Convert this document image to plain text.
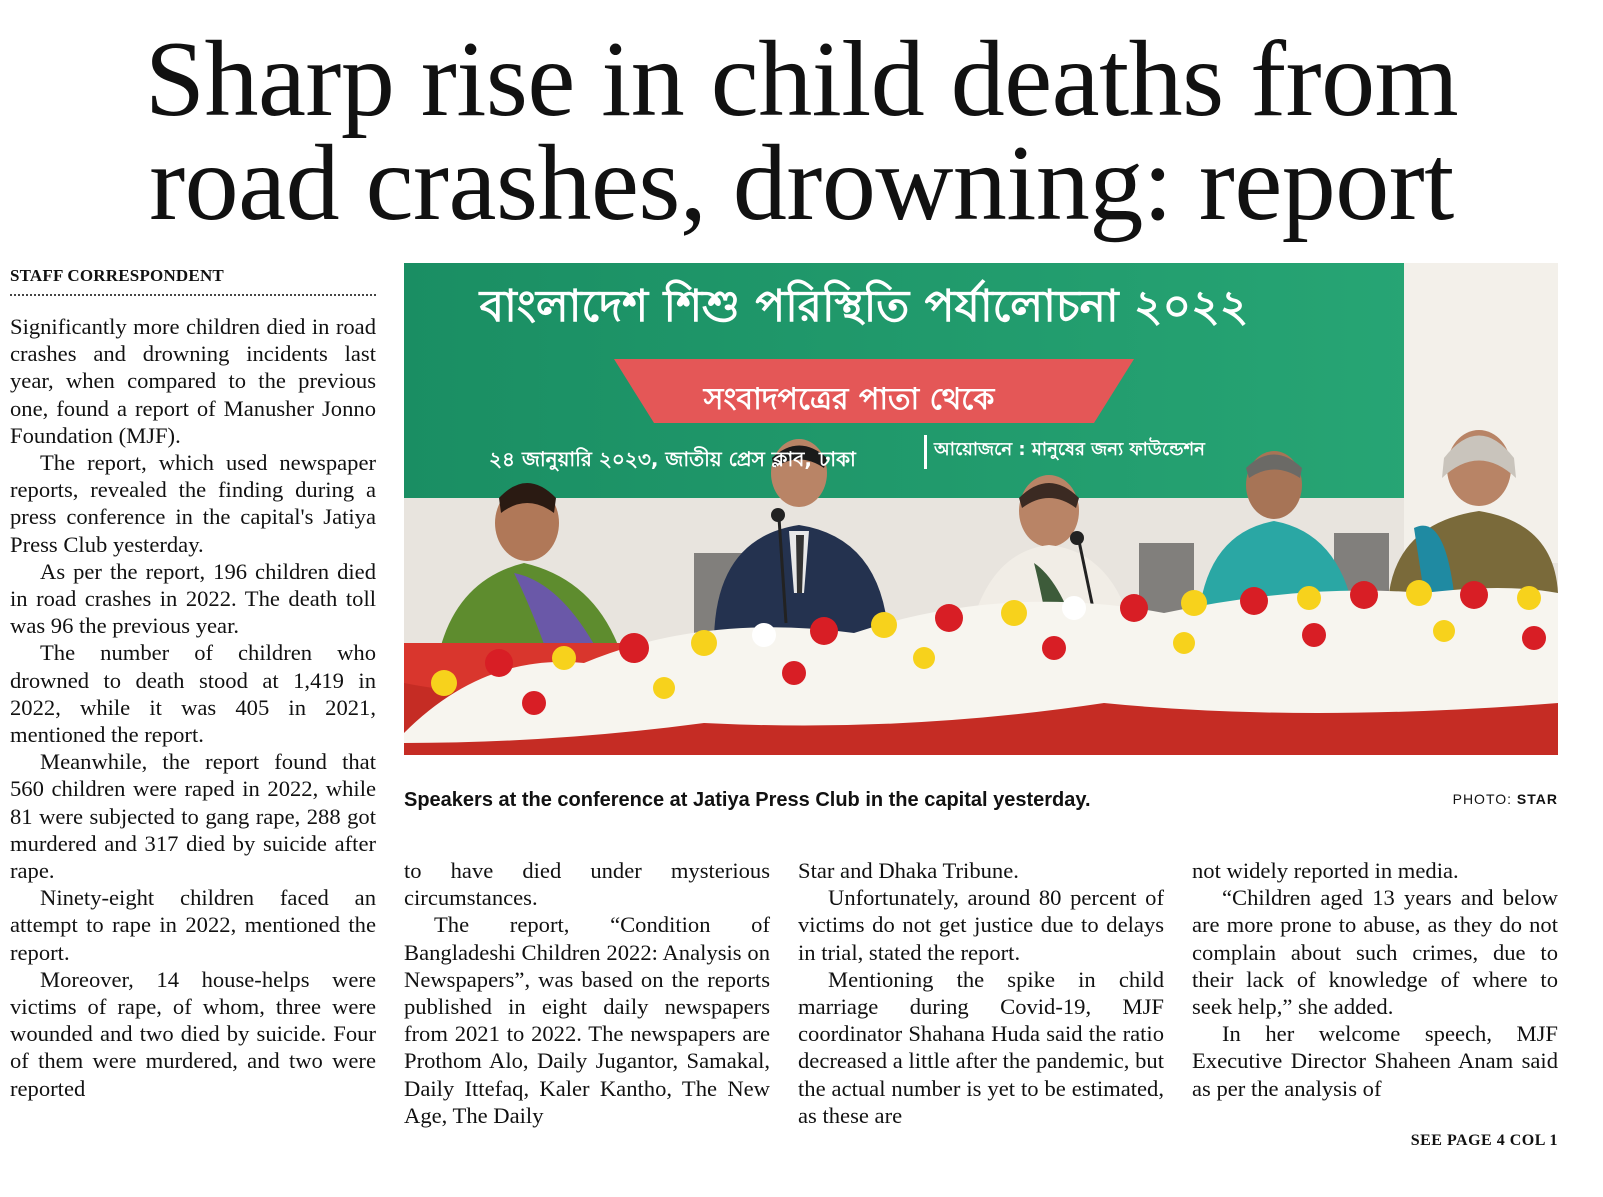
Sharp rise in child deaths from
road crashes, drowning: report
STAFF CORRESPONDENT

Significantly more children died in road crashes and drowning incidents last year, when compared to the previous one, found a report of Manusher Jonno Foundation (MJF).

The report, which used newspaper reports, revealed the finding during a press conference in the capital's Jatiya Press Club yesterday.

As per the report, 196 children died in road crashes in 2022. The death toll was 96 the previous year.

The number of children who drowned to death stood at 1,419 in 2022, while it was 405 in 2021, mentioned the report.

Meanwhile, the report found that 560 children were raped in 2022, while 81 were subjected to gang rape, 288 got murdered and 317 died by suicide after rape.

Ninety-eight children faced an attempt to rape in 2022, mentioned the report.

Moreover, 14 house-helps were victims of rape, of whom, three were wounded and two died by suicide. Four of them were murdered, and two were reported

বাংলাদেশ শিশু পরিস্থিতি পর্যালোচনা ২০২২
সংবাদপত্রের পাতা থেকে
২৪ জানুয়ারি ২০২৩, জাতীয় প্রেস ক্লাব, ঢাকা	আয়োজনে : মানুষের জন্য ফাউন্ডেশন
Speakers at the conference at Jatiya Press Club in the capital yesterday.	PHOTO: STAR

to have died under mysterious circumstances.

The report, “Condition of Bangladeshi Children 2022: Analysis on Newspapers”, was based on the reports published in eight daily newspapers from 2021 to 2022. The newspapers are Prothom Alo, Daily Jugantor, Samakal, Daily Ittefaq, Kaler Kantho, The New Age, The Daily

Star and Dhaka Tribune.

Unfortunately, around 80 percent of victims do not get justice due to delays in trial, stated the report.

Mentioning the spike in child marriage during Covid-19, MJF coordinator Shahana Huda said the ratio decreased a little after the pandemic, but the actual number is yet to be estimated, as these are

not widely reported in media.

“Children aged 13 years and below are more prone to abuse, as they do not complain about such crimes, due to their lack of knowledge of where to seek help,” she added.

In her welcome speech, MJF Executive Director Shaheen Anam said as per the analysis of

SEE PAGE 4 COL 1
